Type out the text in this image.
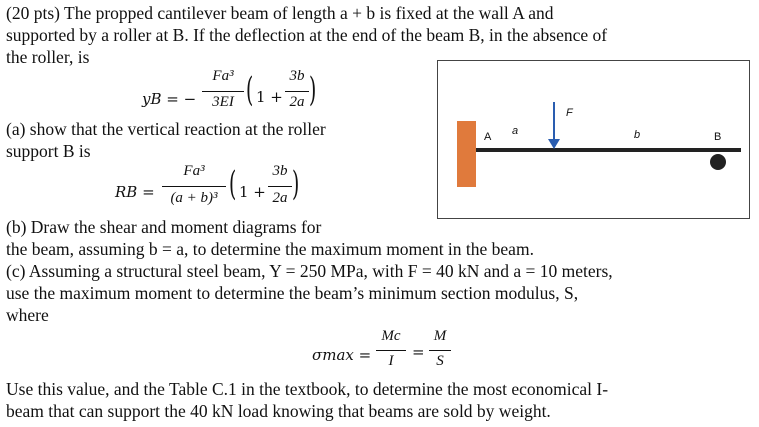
(20 pts) The propped cantilever beam of length a + b is fixed at the wall A and
supported by a roller at B. If the deflection at the end of the beam B, in the absence of
the roller, is
yB = −
Fa³
3EI ( 1 +
3b
2a )
(a) show that the vertical reaction at the roller
support B is
RB =
Fa³
(a + b)³ ( 1 +
3b
2a )
(b) Draw the shear and moment diagrams for
the beam, assuming b = a, to determine the maximum moment in the beam.
(c) Assuming a structural steel beam, Y = 250 MPa, with F = 40 kN and a = 10 meters,
use the maximum moment to determine the beam’s minimum section modulus, S,
where
σmax =
Mc
I	=
M
S
Use this value, and the Table C.1 in the textbook, to determine the most economical I-
beam that can support the 40 kN load knowing that beams are sold by weight.
A a
F
b	B
